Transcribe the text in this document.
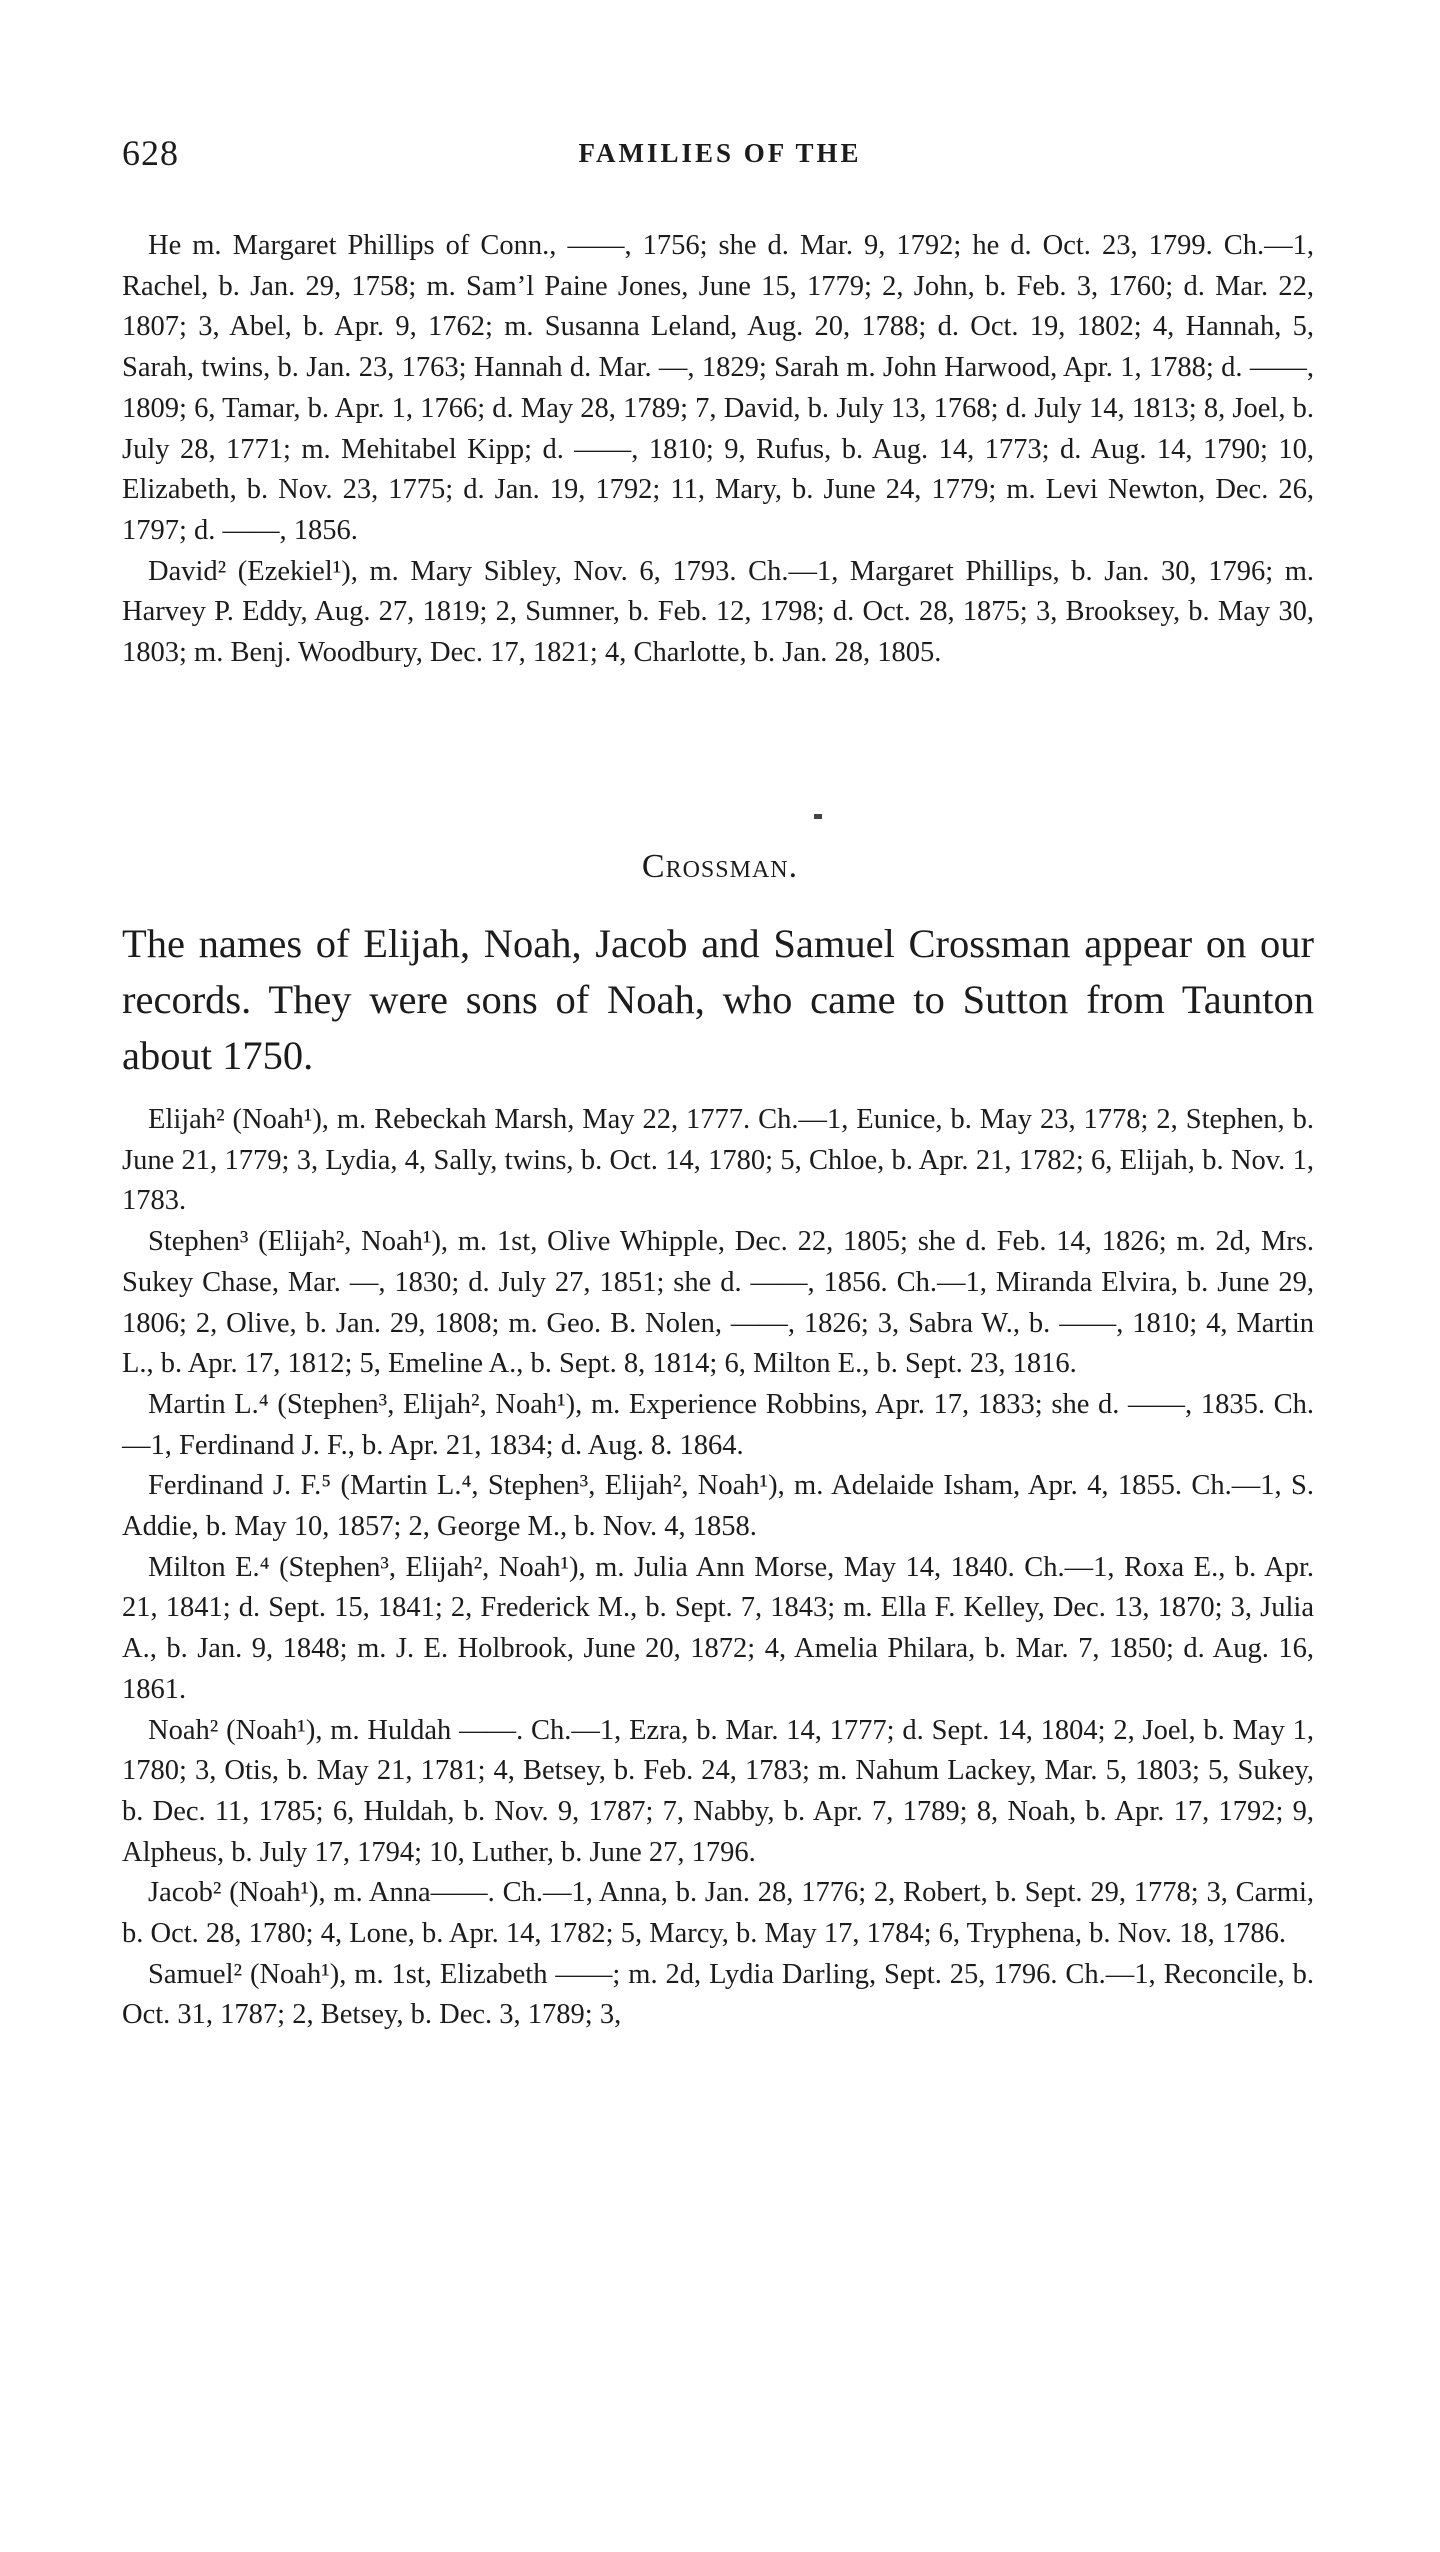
628	FAMILIES OF THE

He m. Margaret Phillips of Conn., ——, 1756; she d. Mar. 9, 1792; he d. Oct. 23, 1799. Ch.—1, Rachel, b. Jan. 29, 1758; m. Sam’l Paine Jones, June 15, 1779; 2, John, b. Feb. 3, 1760; d. Mar. 22, 1807; 3, Abel, b. Apr. 9, 1762; m. Susanna Leland, Aug. 20, 1788; d. Oct. 19, 1802; 4, Hannah, 5, Sarah, twins, b. Jan. 23, 1763; Hannah d. Mar. —, 1829; Sarah m. John Harwood, Apr. 1, 1788; d. ——, 1809; 6, Tamar, b. Apr. 1, 1766; d. May 28, 1789; 7, David, b. July 13, 1768; d. July 14, 1813; 8, Joel, b. July 28, 1771; m. Mehitabel Kipp; d. ——, 1810; 9, Rufus, b. Aug. 14, 1773; d. Aug. 14, 1790; 10, Elizabeth, b. Nov. 23, 1775; d. Jan. 19, 1792; 11, Mary, b. June 24, 1779; m. Levi Newton, Dec. 26, 1797; d. ——, 1856.

David² (Ezekiel¹), m. Mary Sibley, Nov. 6, 1793. Ch.—1, Margaret Phillips, b. Jan. 30, 1796; m. Harvey P. Eddy, Aug. 27, 1819; 2, Sumner, b. Feb. 12, 1798; d. Oct. 28, 1875; 3, Brooksey, b. May 30, 1803; m. Benj. Woodbury, Dec. 17, 1821; 4, Charlotte, b. Jan. 28, 1805.

Crossman.
The names of Elijah, Noah, Jacob and Samuel Crossman appear on our records. They were sons of Noah, who came to Sutton from Taunton about 1750.

Elijah² (Noah¹), m. Rebeckah Marsh, May 22, 1777. Ch.—1, Eunice, b. May 23, 1778; 2, Stephen, b. June 21, 1779; 3, Lydia, 4, Sally, twins, b. Oct. 14, 1780; 5, Chloe, b. Apr. 21, 1782; 6, Elijah, b. Nov. 1, 1783.

Stephen³ (Elijah², Noah¹), m. 1st, Olive Whipple, Dec. 22, 1805; she d. Feb. 14, 1826; m. 2d, Mrs. Sukey Chase, Mar. —, 1830; d. July 27, 1851; she d. ——, 1856. Ch.—1, Miranda Elvira, b. June 29, 1806; 2, Olive, b. Jan. 29, 1808; m. Geo. B. Nolen, ——, 1826; 3, Sabra W., b. ——, 1810; 4, Martin L., b. Apr. 17, 1812; 5, Emeline A., b. Sept. 8, 1814; 6, Milton E., b. Sept. 23, 1816.

Martin L.⁴ (Stephen³, Elijah², Noah¹), m. Experience Robbins, Apr. 17, 1833; she d. ——, 1835. Ch.—1, Ferdinand J. F., b. Apr. 21, 1834; d. Aug. 8. 1864.

Ferdinand J. F.⁵ (Martin L.⁴, Stephen³, Elijah², Noah¹), m. Adelaide Isham, Apr. 4, 1855. Ch.—1, S. Addie, b. May 10, 1857; 2, George M., b. Nov. 4, 1858.

Milton E.⁴ (Stephen³, Elijah², Noah¹), m. Julia Ann Morse, May 14, 1840. Ch.—1, Roxa E., b. Apr. 21, 1841; d. Sept. 15, 1841; 2, Frederick M., b. Sept. 7, 1843; m. Ella F. Kelley, Dec. 13, 1870; 3, Julia A., b. Jan. 9, 1848; m. J. E. Holbrook, June 20, 1872; 4, Amelia Philara, b. Mar. 7, 1850; d. Aug. 16, 1861.

Noah² (Noah¹), m. Huldah ——. Ch.—1, Ezra, b. Mar. 14, 1777; d. Sept. 14, 1804; 2, Joel, b. May 1, 1780; 3, Otis, b. May 21, 1781; 4, Betsey, b. Feb. 24, 1783; m. Nahum Lackey, Mar. 5, 1803; 5, Sukey, b. Dec. 11, 1785; 6, Huldah, b. Nov. 9, 1787; 7, Nabby, b. Apr. 7, 1789; 8, Noah, b. Apr. 17, 1792; 9, Alpheus, b. July 17, 1794; 10, Luther, b. June 27, 1796.

Jacob² (Noah¹), m. Anna——. Ch.—1, Anna, b. Jan. 28, 1776; 2, Robert, b. Sept. 29, 1778; 3, Carmi, b. Oct. 28, 1780; 4, Lone, b. Apr. 14, 1782; 5, Marcy, b. May 17, 1784; 6, Tryphena, b. Nov. 18, 1786.

Samuel² (Noah¹), m. 1st, Elizabeth ——; m. 2d, Lydia Darling, Sept. 25, 1796. Ch.—1, Reconcile, b. Oct. 31, 1787; 2, Betsey, b. Dec. 3, 1789; 3,
